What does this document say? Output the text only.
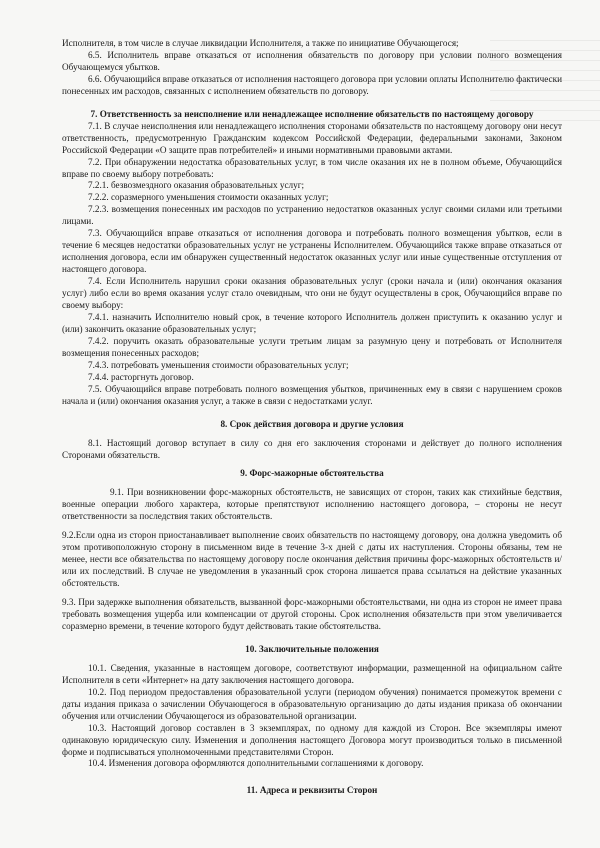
Исполнителя, в том числе в случае ликвидации Исполнителя, а также по инициативе Обучающегося;

6.5. Исполнитель вправе отказаться от исполнения обязательств по договору при условии полного возмещения Обучающемуся убытков.

6.6. Обучающийся вправе отказаться от исполнения настоящего договора при условии оплаты Исполнителю фактически понесенных им расходов, связанных с исполнением обязательств по договору.

7. Ответственность за неисполнение или ненадлежащее исполнение обязательств по настоящему договору

7.1. В случае неисполнения или ненадлежащего исполнения сторонами обязательств по настоящему договору они несут ответственность, предусмотренную Гражданским кодексом Российской Федерации, федеральными законами, Законом Российской Федерации «О защите прав потребителей» и иными нормативными правовыми актами.

7.2. При обнаружении недостатка образовательных услуг, в том числе оказания их не в полном объеме, Обучающийся вправе по своему выбору потребовать:

7.2.1. безвозмездного оказания образовательных услуг;

7.2.2. соразмерного уменьшения стоимости оказанных услуг;

7.2.3. возмещения понесенных им расходов по устранению недостатков оказанных услуг своими силами или третьими лицами.

7.3. Обучающийся вправе отказаться от исполнения договора и потребовать полного возмещения убытков, если в течение 6 месяцев недостатки образовательных услуг не устранены Исполнителем. Обучающийся также вправе отказаться от исполнения договора, если им обнаружен существенный недостаток оказанных услуг или иные существенные отступления от настоящего договора.

7.4. Если Исполнитель нарушил сроки оказания образовательных услуг (сроки начала и (или) окончания оказания услуг) либо если во время оказания услуг стало очевидным, что они не будут осуществлены в срок, Обучающийся вправе по своему выбору:

7.4.1. назначить Исполнителю новый срок, в течение которого Исполнитель должен приступить к оказанию услуг и (или) закончить оказание образовательных услуг;

7.4.2. поручить оказать образовательные услуги третьим лицам за разумную цену и потребовать от Исполнителя возмещения понесенных расходов;

7.4.3. потребовать уменьшения стоимости образовательных услуг;

7.4.4. расторгнуть договор.

7.5. Обучающийся вправе потребовать полного возмещения убытков, причиненных ему в связи с нарушением сроков начала и (или) окончания оказания услуг, а также в связи с недостатками услуг.

8. Срок действия договора и другие условия

8.1. Настоящий договор вступает в силу со дня его заключения сторонами и действует до полного исполнения Сторонами обязательств.

9. Форс-мажорные обстоятельства

9.1. При возникновении форс-мажорных обстоятельств, не зависящих от сторон, таких как стихийные бедствия, военные операции любого характера, которые препятствуют исполнению настоящего договора, – стороны не несут ответственности за последствия таких обстоятельств.

9.2.Если одна из сторон приостанавливает выполнение своих обязательств по настоящему договору, она должна уведомить об этом противоположную сторону в письменном виде в течение 3-х дней с даты их наступления. Стороны обязаны, тем не менее, нести все обязательства по настоящему договору после окончания действия причины форс-мажорных обстоятельств и/или их последствий. В случае не уведомления в указанный срок сторона лишается права ссылаться на действие указанных обстоятельств.

9.3. При задержке выполнения обязательств, вызванной форс-мажорными обстоятельствами, ни одна из сторон не имеет права требовать возмещения ущерба или компенсации от другой стороны. Срок исполнения обязательств при этом увеличивается соразмерно времени, в течение которого будут действовать такие обстоятельства.

10. Заключительные положения

10.1. Сведения, указанные в настоящем договоре, соответствуют информации, размещенной на официальном сайте Исполнителя в сети «Интернет» на дату заключения настоящего договора.

10.2. Под периодом предоставления образовательной услуги (периодом обучения) понимается промежуток времени с даты издания приказа о зачислении Обучающегося в образовательную организацию до даты издания приказа об окончании обучения или отчислении Обучающегося из образовательной организации.

10.3. Настоящий договор составлен в 3 экземплярах, по одному для каждой из Сторон. Все экземпляры имеют одинаковую юридическую силу. Изменения и дополнения настоящего Договора могут производиться только в письменной форме и подписываться уполномоченными представителями Сторон.

10.4. Изменения договора оформляются дополнительными соглашениями к договору.

11. Адреса и реквизиты Сторон
